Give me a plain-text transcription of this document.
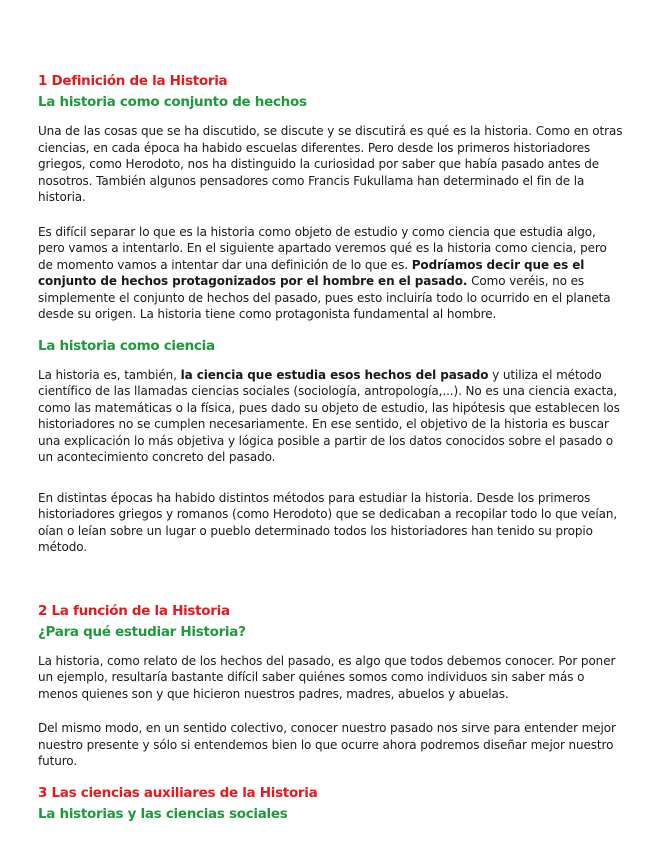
1 Definición de la Historia
La historia como conjunto de hechos

Una de las cosas que se ha discutido, se discute y se discutirá es qué es la historia. Como en otras ciencias, en cada época ha habido escuelas diferentes. Pero desde los primeros historiadores griegos, como Herodoto, nos ha distinguido la curiosidad por saber que había pasado antes de nosotros. También algunos pensadores como Francis Fukullama han determinado el fin de la historia.

Es difícil separar lo que es la historia como objeto de estudio y como ciencia que estudia algo, pero vamos a intentarlo. En el siguiente apartado veremos qué es la historia como ciencia, pero de momento vamos a intentar dar una definición de lo que es. Podríamos decir que es el conjunto de hechos protagonizados por el hombre en el pasado. Como veréis, no es simplemente el conjunto de hechos del pasado, pues esto incluiría todo lo ocurrido en el planeta desde su origen. La historia tiene como protagonista fundamental al hombre.

La historia como ciencia

La historia es, también, la ciencia que estudia esos hechos del pasado y utiliza el método científico de las llamadas ciencias sociales (sociología, antropología,...). No es una ciencia exacta, como las matemáticas o la física, pues dado su objeto de estudio, las hipótesis que establecen los historiadores no se cumplen necesariamente. En ese sentido, el objetivo de la historia es buscar una explicación lo más objetiva y lógica posible a partir de los datos conocidos sobre el pasado o un acontecimiento concreto del pasado.

En distintas épocas ha habido distintos métodos para estudiar la historia. Desde los primeros historiadores griegos y romanos (como Herodoto) que se dedicaban a recopilar todo lo que veían, oían o leían sobre un lugar o pueblo determinado todos los historiadores han tenido su propio método.

2 La función de la Historia
¿Para qué estudiar Historia?

La historia, como relato de los hechos del pasado, es algo que todos debemos conocer. Por poner un ejemplo, resultaría bastante difícil saber quiénes somos como individuos sin saber más o menos quienes son y que hicieron nuestros padres, madres, abuelos y abuelas.

Del mismo modo, en un sentido colectivo, conocer nuestro pasado nos sirve para entender mejor nuestro presente y sólo si entendemos bien lo que ocurre ahora podremos diseñar mejor nuestro futuro.

3 Las ciencias auxiliares de la Historia
La historias y las ciencias sociales
